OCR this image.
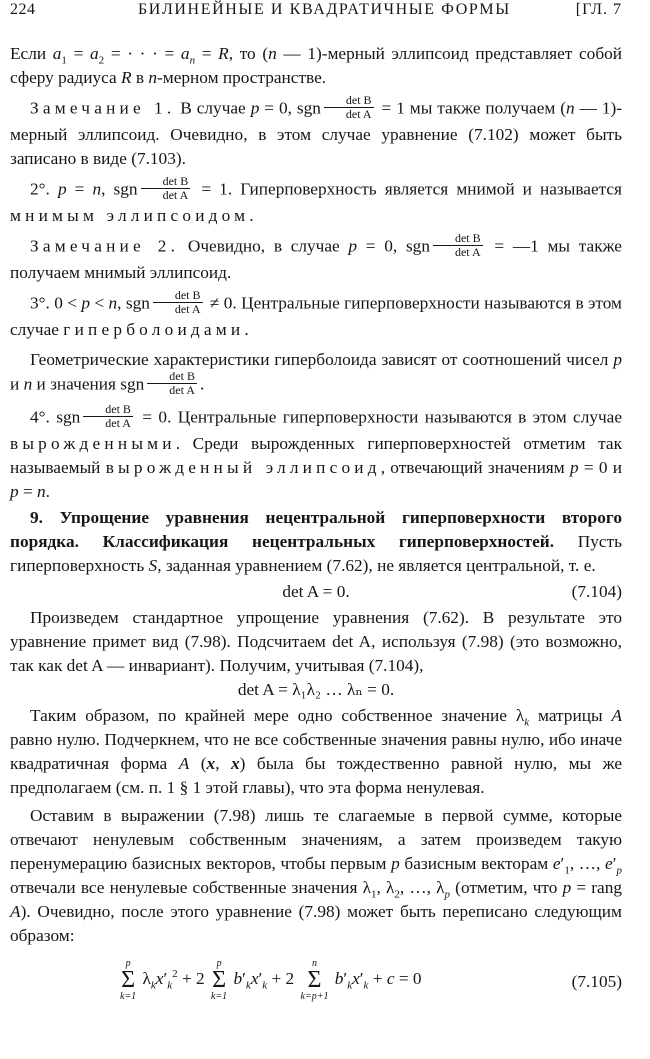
224	БИЛИНЕЙНЫЕ И КВАДРАТИЧНЫЕ ФОРМЫ	[ГЛ. 7

Если $a_1 = a_2$ = · · · = $a_n = R$, то (n — 1)-мерный эллипсоид представляет собой сферу радиуса R в n-мерном пространстве.

Замечание 1. В случае p = 0, sgn $\frac{\text{det B}}{\text{det A}} = 1$ мы также получаем (n — 1)-мерный эллипсоид. Очевидно, в этом случае уравнение (7.102) может быть записано в виде (7.103).

2°. p = n, sgn $\frac{\text{det B}}{\text{det A}} = 1$. Гиперповерхность является мнимой и называется мнимым эллипсоидом.

Замечание 2. Очевидно, в случае p = 0, sgn $\frac{\text{det B}}{\text{det A}}$ = —1 мы также получаем мнимый эллипсоид.

3°. 0 < p < n, sgn $\frac{\text{det B}}{\text{det A}} \ne 0$. Центральные гиперповерхности называются в этом случае гиперболоидами.

Геометрические характеристики гиперболоида зависят от соотношений чисел p и n и значения sgn $\frac{\text{det B}}{\text{det A}}$ .

4°. sgn $\frac{\text{det B}}{\text{det A}} = 0$. Центральные гиперповерхности называются в этом случае вырожденными. Среди вырожденных гиперповерхностей отметим так называемый вырожденный эллипсоид, отвечающий значениям p = 0 и p = n.

9. Упрощение уравнения нецентральной гиперповерхности второго порядка. Классификация нецентральных гиперповерхностей. Пусть гиперповерхность S, заданная уравнением (7.62), не является центральной, т. е.

det A = 0.	(7.104)

Произведем стандартное упрощение уравнения (7.62). В результате это уравнение примет вид (7.98). Подсчитаем det A, используя (7.98) (это возможно, так как det A — инвариант). Получим, учитывая (7.104),

det A = λ₁λ₂ … λₙ = 0.

Таким образом, по крайней мере одно собственное значение $\lambda_k$ матрицы A равно нулю. Подчеркнем, что не все собственные значения равны нулю, ибо иначе квадратичная форма A (x, x) была бы тождественно равной нулю, мы же предполагаем (см. п. 1 § 1 этой главы), что эта форма ненулевая.

Оставим в выражении (7.98) лишь те слагаемые в первой сумме, которые отвечают ненулевым собственным значениям, а затем произведем такую перенумерацию базисных векторов, чтобы первым p базисным векторам $e'_1$, …, $e'_p$ отвечали все ненулевые собственные значения $\lambda_1$, $\lambda_2$, …, $\lambda_p$ (отметим, что p = rang A). Очевидно, после этого уравнение (7.98) может быть переписано следующим образом:

p
Σ
k=1
$\lambda_kx'_k^2 + 2$
p
Σ
k=1
$b'_kx'_k + 2$
n
Σ
k=p+1
$b'_kx'_k + c = 0$	(7.105)
